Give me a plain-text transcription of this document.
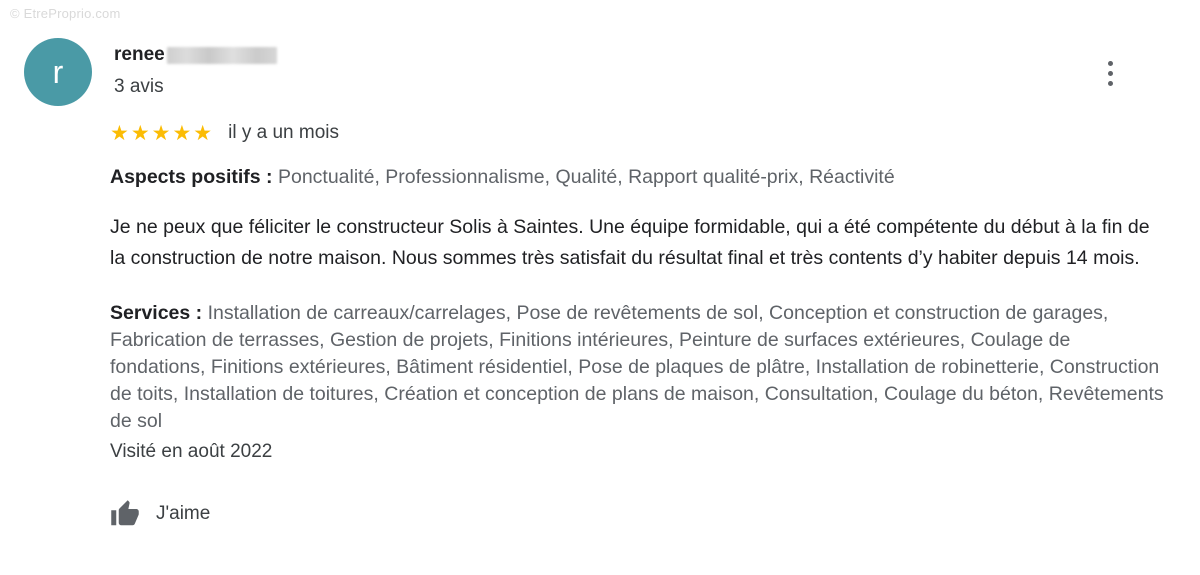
© EtreProprio.com
r	renee
3 avis
★★★★★ il y a un mois
Aspects positifs : Ponctualité, Professionnalisme, Qualité, Rapport qualité-prix, Réactivité
Je ne peux que féliciter le constructeur Solis à Saintes. Une équipe formidable, qui a été compétente du début à la fin de la construction de notre maison. Nous sommes très satisfait du résultat final et très contents d’y habiter depuis 14 mois.
Services : Installation de carreaux/carrelages, Pose de revêtements de sol, Conception et construction de garages, Fabrication de terrasses, Gestion de projets, Finitions intérieures, Peinture de surfaces extérieures, Coulage de fondations, Finitions extérieures, Bâtiment résidentiel, Pose de plaques de plâtre, Installation de robinetterie, Construction de toits, Installation de toitures, Création et conception de plans de maison, Consultation, Coulage du béton, Revêtements de sol
Visité en août 2022
J'aime
